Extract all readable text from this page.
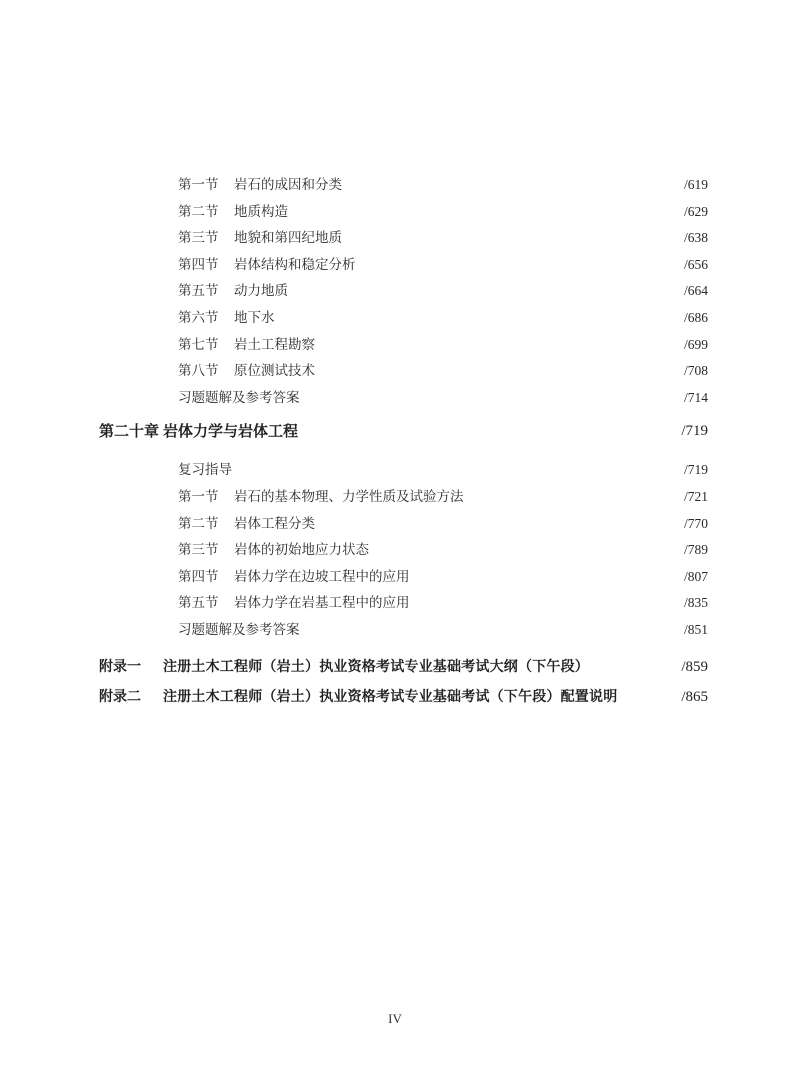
第一节 岩石的成因和分类	/619
第二节 地质构造	/629
第三节 地貌和第四纪地质	/638
第四节 岩体结构和稳定分析	/656
第五节 动力地质	/664
第六节 地下水	/686
第七节 岩土工程勘察	/699
第八节 原位测试技术	/708
习题题解及参考答案	/714
第二十章 岩体力学与岩体工程	/719
复习指导	/719
第一节 岩石的基本物理、力学性质及试验方法	/721
第二节 岩体工程分类	/770
第三节 岩体的初始地应力状态	/789
第四节 岩体力学在边坡工程中的应用	/807
第五节 岩体力学在岩基工程中的应用	/835
习题题解及参考答案	/851
附录一 注册土木工程师（岩土）执业资格考试专业基础考试大纲（下午段）	/859
附录二 注册土木工程师（岩土）执业资格考试专业基础考试（下午段）配置说明	/865
IV
